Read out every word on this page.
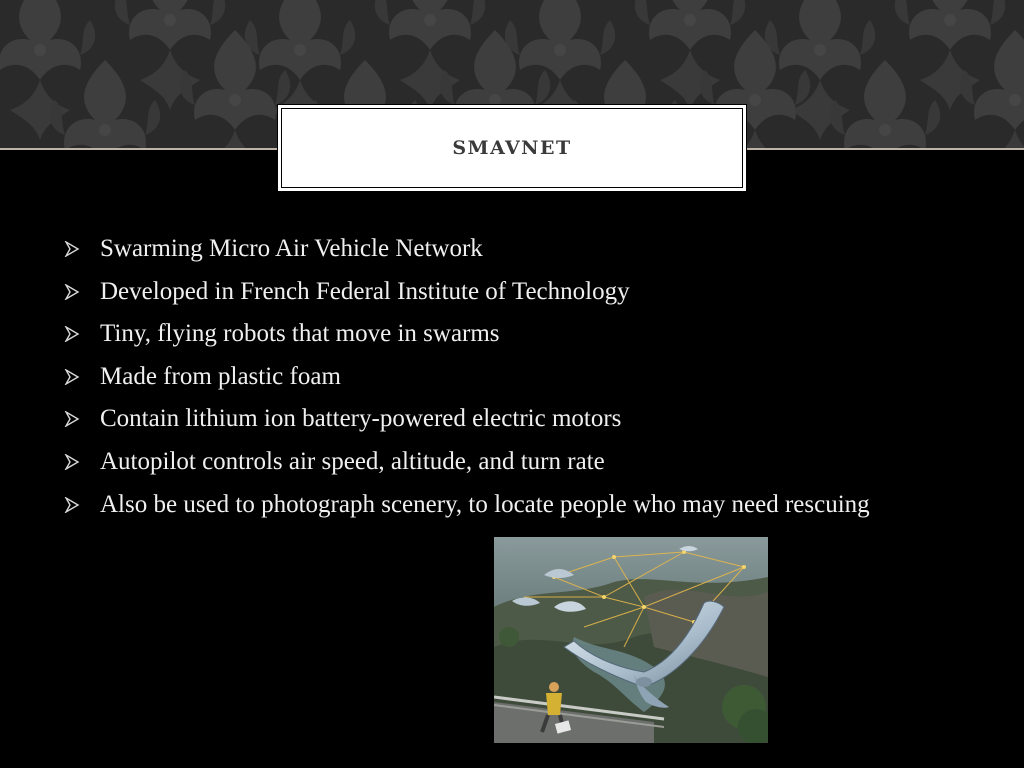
SMAVNET
Swarming Micro Air Vehicle Network
Developed in French Federal Institute of Technology
Tiny, flying robots that move in swarms
Made from plastic foam
Contain lithium ion battery-powered electric motors
Autopilot controls air speed, altitude, and turn rate
Also be used to photograph scenery, to locate people who may need rescuing
